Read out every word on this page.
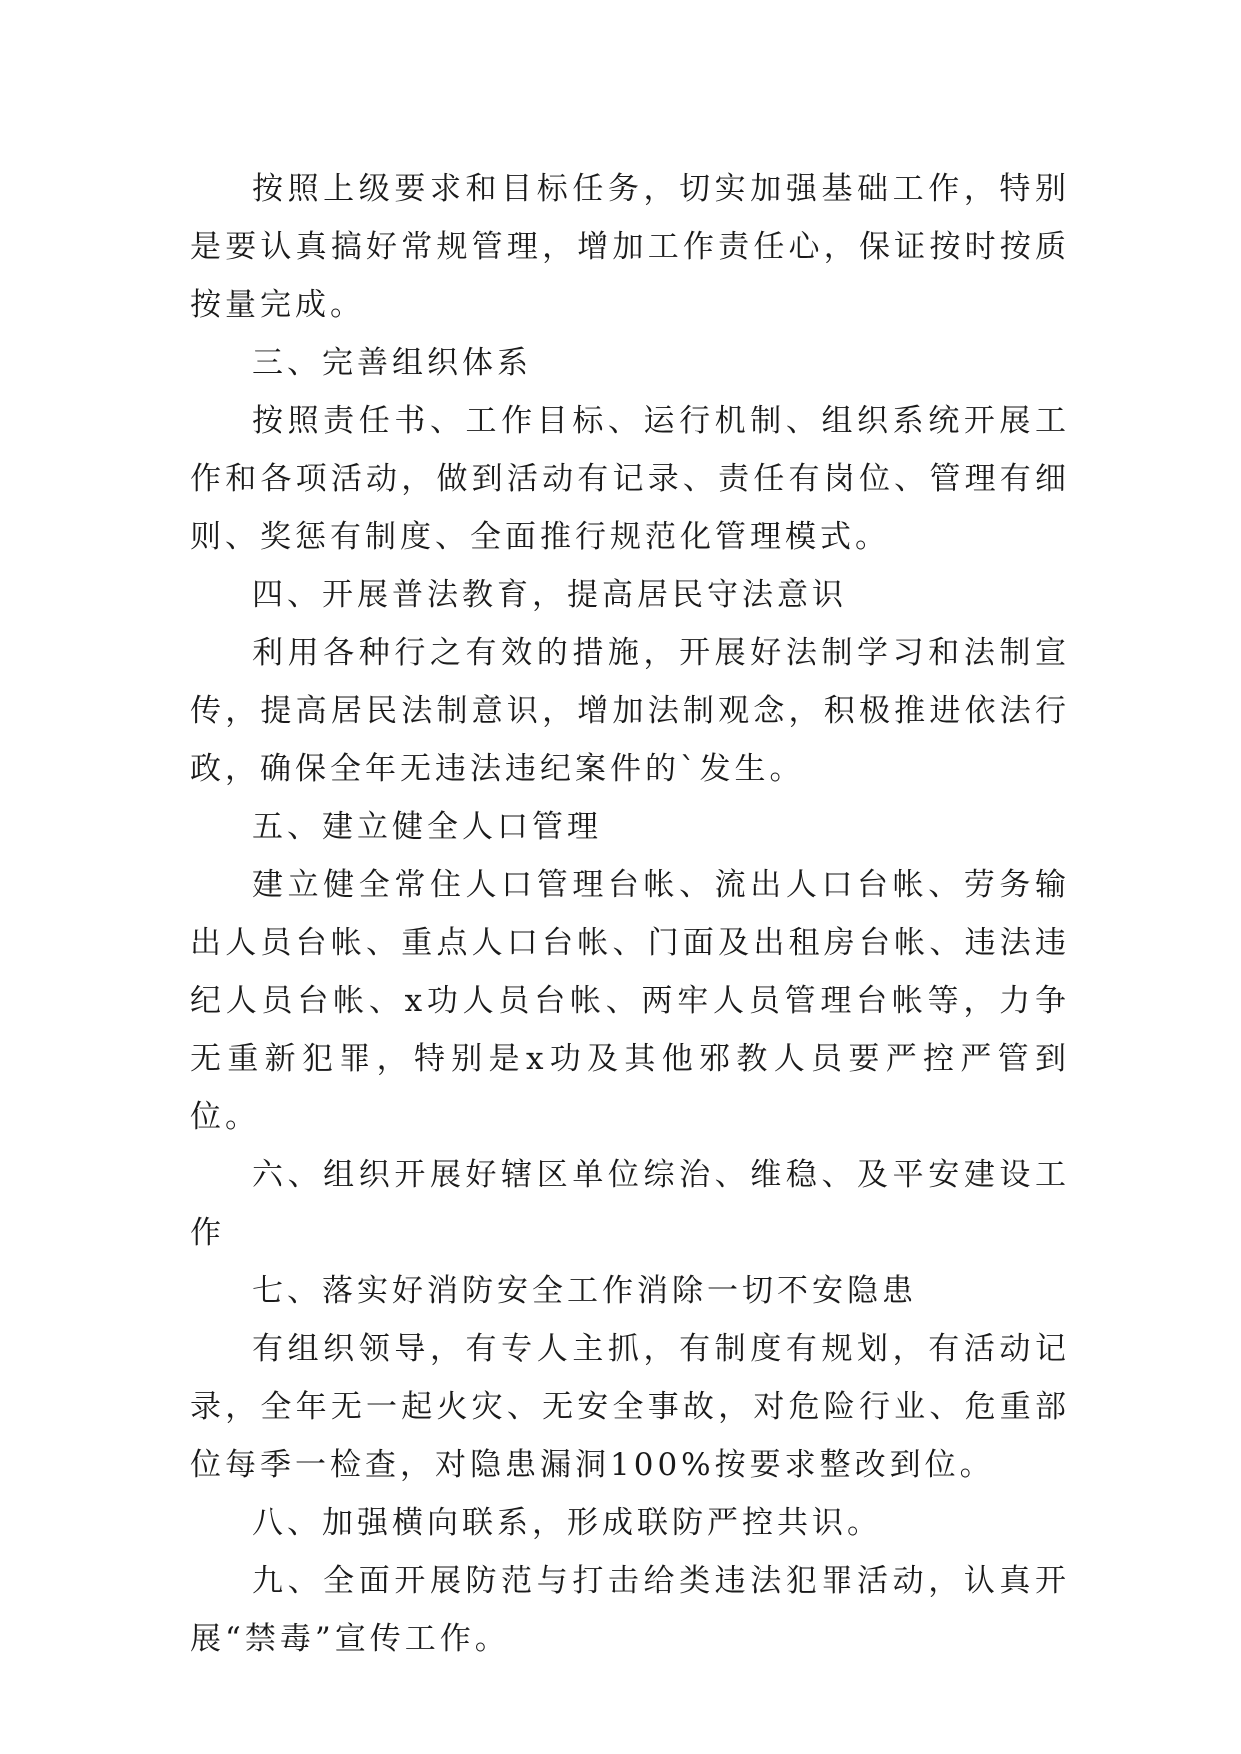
按照上级要求和目标任务，切实加强基础工作，特别是要认真搞好常规管理，增加工作责任心，保证按时按质按量完成。

三、完善组织体系

按照责任书、工作目标、运行机制、组织系统开展工作和各项活动，做到活动有记录、责任有岗位、管理有细则、奖惩有制度、全面推行规范化管理模式。

四、开展普法教育，提高居民守法意识

利用各种行之有效的措施，开展好法制学习和法制宣传，提高居民法制意识，增加法制观念，积极推进依法行政，确保全年无违法违纪案件的`发生。

五、建立健全人口管理

建立健全常住人口管理台帐、流出人口台帐、劳务输出人员台帐、重点人口台帐、门面及出租房台帐、违法违纪人员台帐、x功人员台帐、两牢人员管理台帐等，力争无重新犯罪，特别是x功及其他邪教人员要严控严管到位。

六、组织开展好辖区单位综治、维稳、及平安建设工作

七、落实好消防安全工作消除一切不安隐患

有组织领导，有专人主抓，有制度有规划，有活动记录，全年无一起火灾、无安全事故，对危险行业、危重部位每季一检查，对隐患漏洞100%按要求整改到位。

八、加强横向联系，形成联防严控共识。

九、全面开展防范与打击给类违法犯罪活动，认真开展“禁毒”宣传工作。
